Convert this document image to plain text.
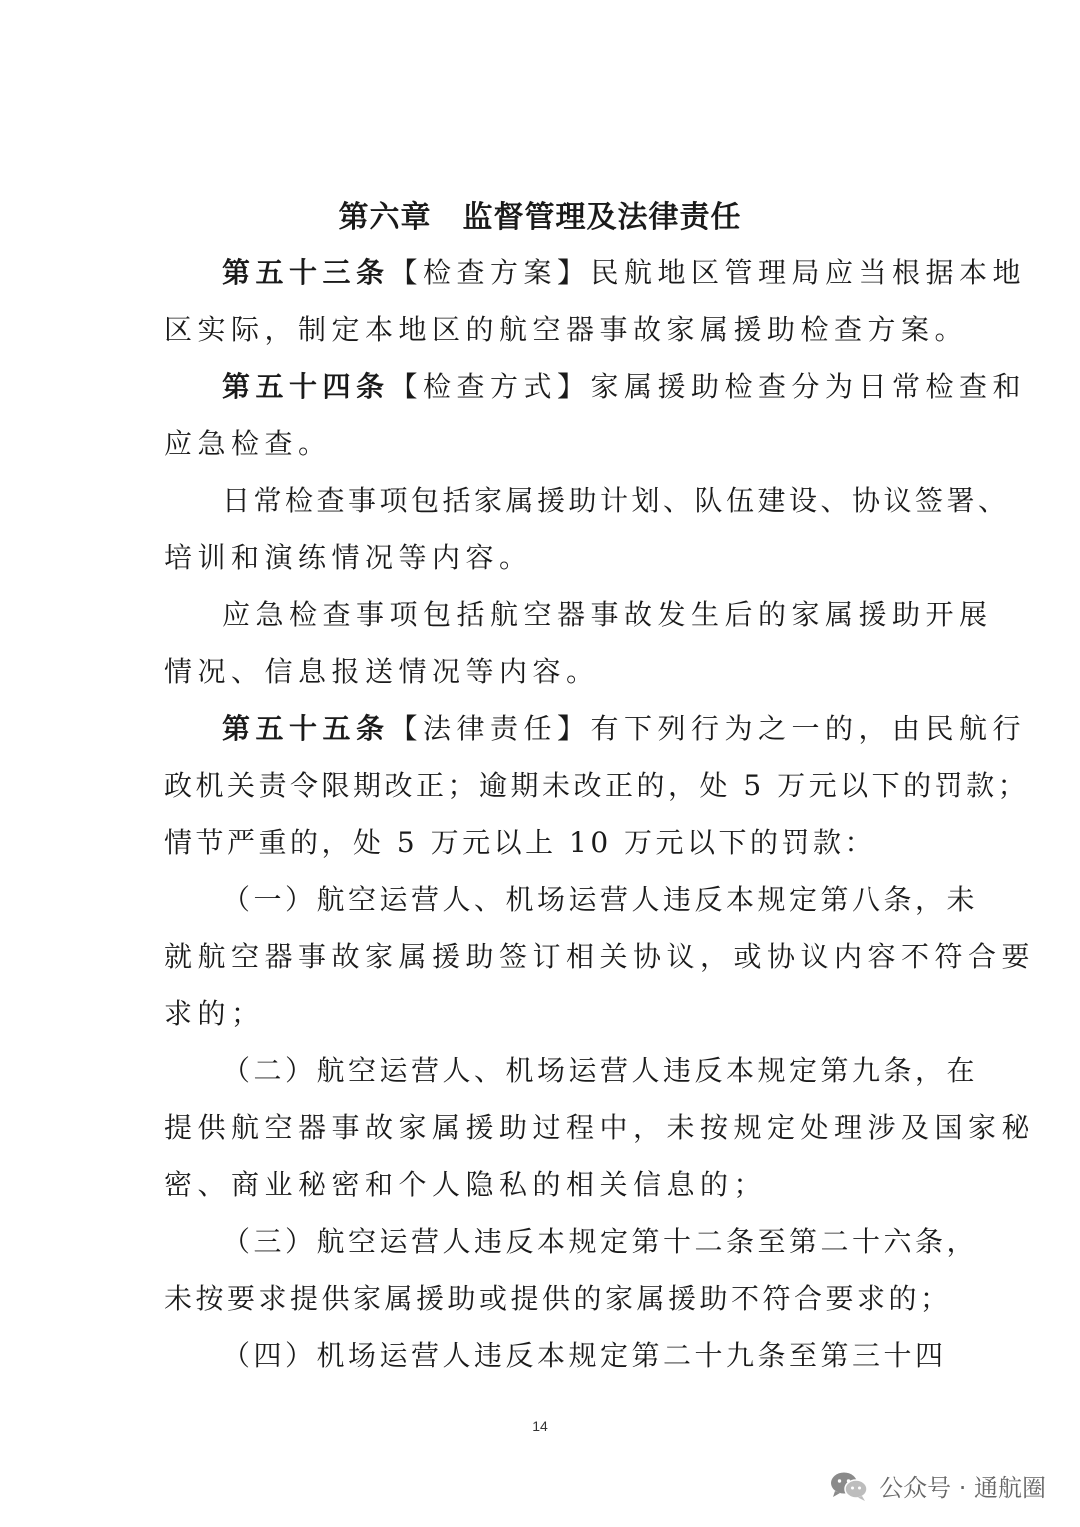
第六章　监督管理及法律责任
第五十三条【检查方案】民航地区管理局应当根据本地
区实际，制定本地区的航空器事故家属援助检查方案。
第五十四条【检查方式】家属援助检查分为日常检查和
应急检查。
日常检查事项包括家属援助计划、队伍建设、协议签署、
培训和演练情况等内容。
应急检查事项包括航空器事故发生后的家属援助开展
情况、信息报送情况等内容。
第五十五条【法律责任】有下列行为之一的，由民航行
政机关责令限期改正；逾期未改正的，处 5 万元以下的罚款；
情节严重的，处 5 万元以上 10 万元以下的罚款：
（一）航空运营人、机场运营人违反本规定第八条，未
就航空器事故家属援助签订相关协议，或协议内容不符合要
求的；
（二）航空运营人、机场运营人违反本规定第九条，在
提供航空器事故家属援助过程中，未按规定处理涉及国家秘
密、商业秘密和个人隐私的相关信息的；
（三）航空运营人违反本规定第十二条至第二十六条，
未按要求提供家属援助或提供的家属援助不符合要求的；
（四）机场运营人违反本规定第二十九条至第三十四
14
公众号 · 通航圈
